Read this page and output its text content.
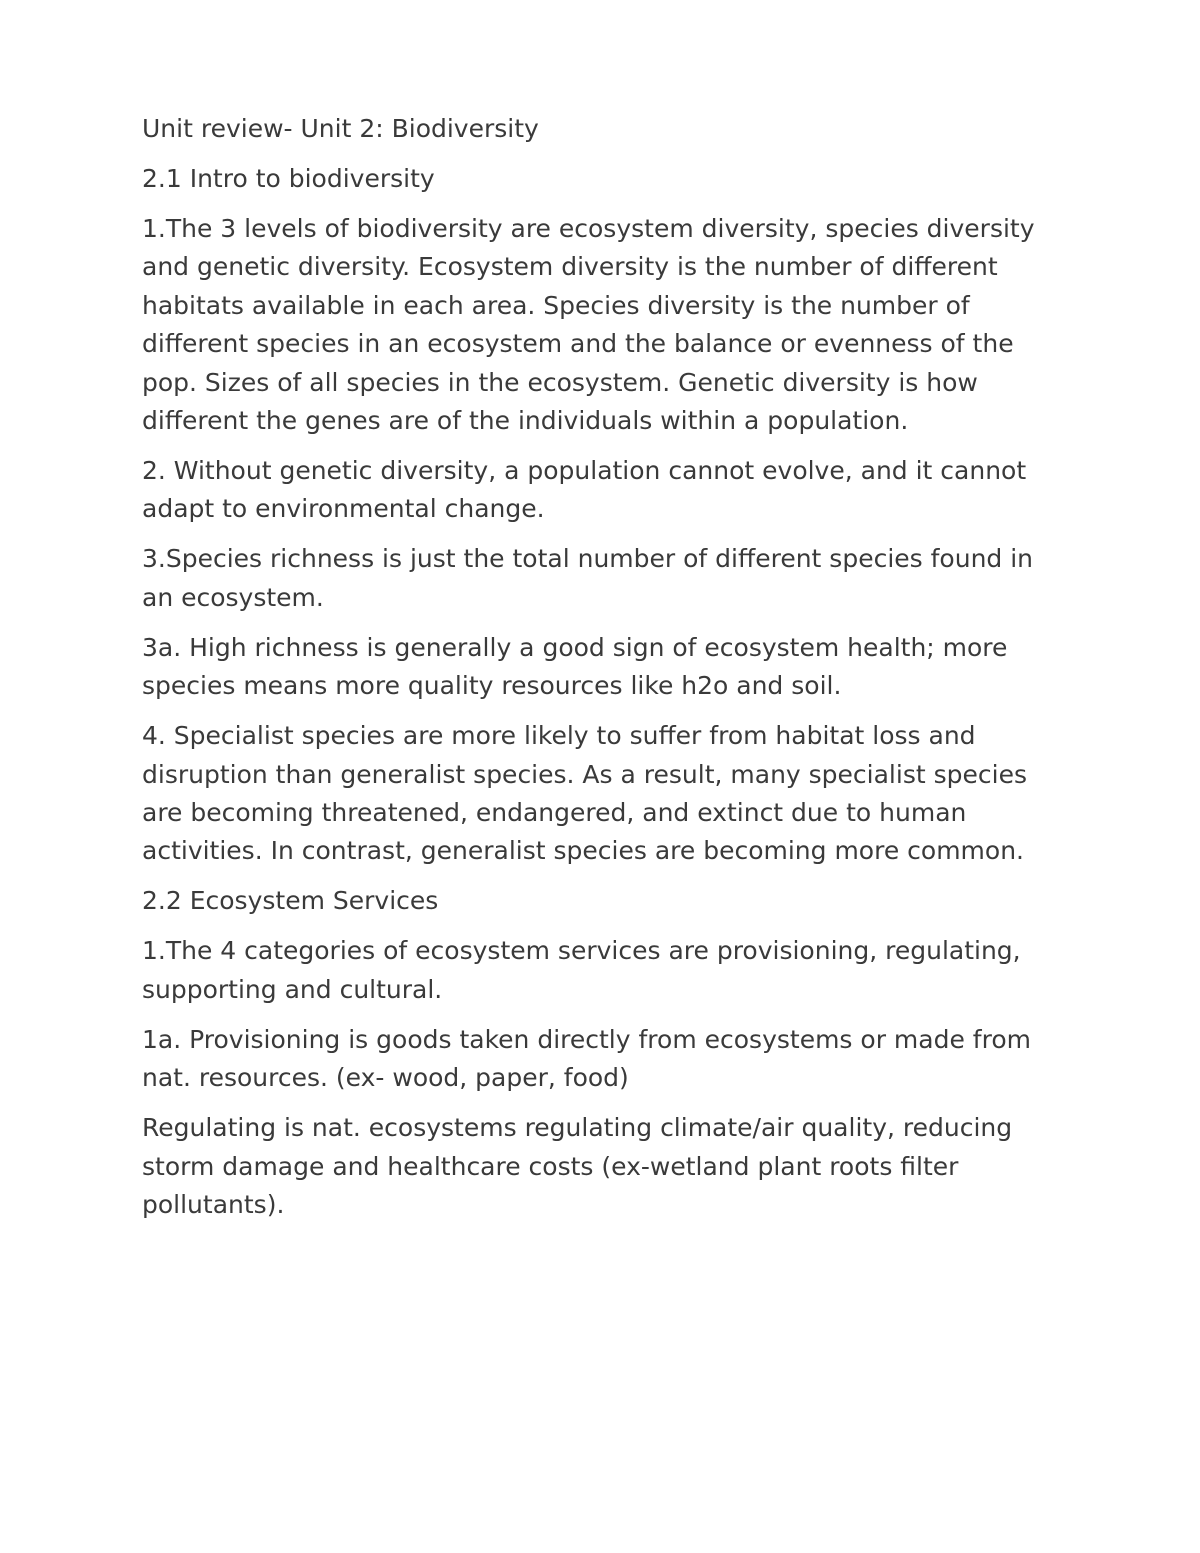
Unit review- Unit 2: Biodiversity

2.1 Intro to biodiversity

1.The 3 levels of biodiversity are ecosystem diversity, species diversity and genetic diversity. Ecosystem diversity is the number of different habitats available in each area. Species diversity is the number of different species in an ecosystem and the balance or evenness of the pop. Sizes of all species in the ecosystem. Genetic diversity is how different the genes are of the individuals within a population.

2. Without genetic diversity, a population cannot evolve, and it cannot adapt to environmental change.

3.Species richness is just the total number of different species found in an ecosystem.

3a. High richness is generally a good sign of ecosystem health; more species means more quality resources like h2o and soil.

4. Specialist species are more likely to suffer from habitat loss and disruption than generalist species. As a result, many specialist species are becoming threatened, endangered, and extinct due to human activities. In contrast, generalist species are becoming more common.

2.2 Ecosystem Services

1.The 4 categories of ecosystem services are provisioning, regulating, supporting and cultural.

1a. Provisioning is goods taken directly from ecosystems or made from nat. resources. (ex- wood, paper, food)

Regulating is nat. ecosystems regulating climate/air quality, reducing storm damage and healthcare costs (ex-wetland plant roots filter pollutants).
